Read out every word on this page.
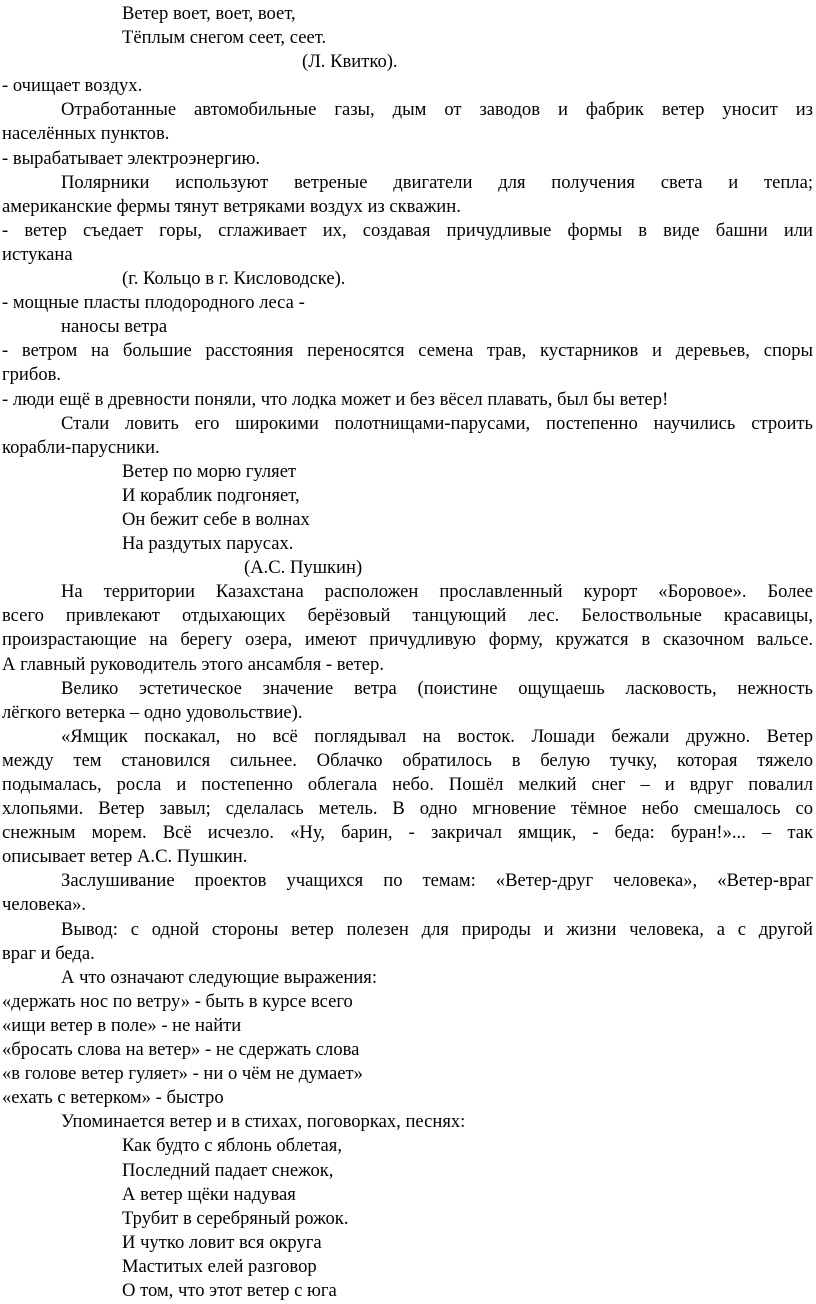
Ветер воет, воет, воет,
Тёплым снегом сеет, сеет.
(Л. Квитко).
- очищает воздух.
Отработанные автомобильные газы, дым от заводов и фабрик ветер уносит из
населённых пунктов.
- вырабатывает электроэнергию.
Полярники используют ветреные двигатели для получения света и тепла;
американские фермы тянут ветряками воздух из скважин.
- ветер съедает горы, сглаживает их, создавая причудливые формы в виде башни или
истукана
(г. Кольцо в г. Кисловодске).
- мощные пласты плодородного леса -
наносы ветра
- ветром на большие расстояния переносятся семена трав, кустарников и деревьев, споры
грибов.
- люди ещё в древности поняли, что лодка может и без вёсел плавать, был бы ветер!
Стали ловить его широкими полотнищами-парусами, постепенно научились строить
корабли-парусники.
Ветер по морю гуляет
И кораблик подгоняет,
Он бежит себе в волнах
На раздутых парусах.
(А.С. Пушкин)
На территории Казахстана расположен прославленный курорт «Боровое». Более
всего привлекают отдыхающих берёзовый танцующий лес. Белоствольные красавицы,
произрастающие на берегу озера, имеют причудливую форму, кружатся в сказочном вальсе.
А главный руководитель этого ансамбля - ветер.
Велико эстетическое значение ветра (поистине ощущаешь ласковость, нежность
лёгкого ветерка – одно удовольствие).
«Ямщик поскакал, но всё поглядывал на восток. Лошади бежали дружно. Ветер
между тем становился сильнее. Облачко обратилось в белую тучку, которая тяжело
подымалась, росла и постепенно облегала небо. Пошёл мелкий снег – и вдруг повалил
хлопьями. Ветер завыл; сделалась метель. В одно мгновение тёмное небо смешалось со
снежным морем. Всё исчезло. «Ну, барин, - закричал ямщик, - беда: буран!»... – так
описывает ветер А.С. Пушкин.
Заслушивание проектов учащихся по темам: «Ветер-друг человека», «Ветер-враг
человека».
Вывод: с одной стороны ветер полезен для природы и жизни человека, а с другой
враг и беда.
А что означают следующие выражения:
«держать нос по ветру» - быть в курсе всего
«ищи ветер в поле» - не найти
«бросать слова на ветер» - не сдержать слова
«в голове ветер гуляет» - ни о чём не думает»
«ехать с ветерком» - быстро
Упоминается ветер и в стихах, поговорках, песнях:
Как будто с яблонь облетая,
Последний падает снежок,
А ветер щёки надувая
Трубит в серебряный рожок.
И чутко ловит вся округа
Маститых елей разговор
О том, что этот ветер с юга
